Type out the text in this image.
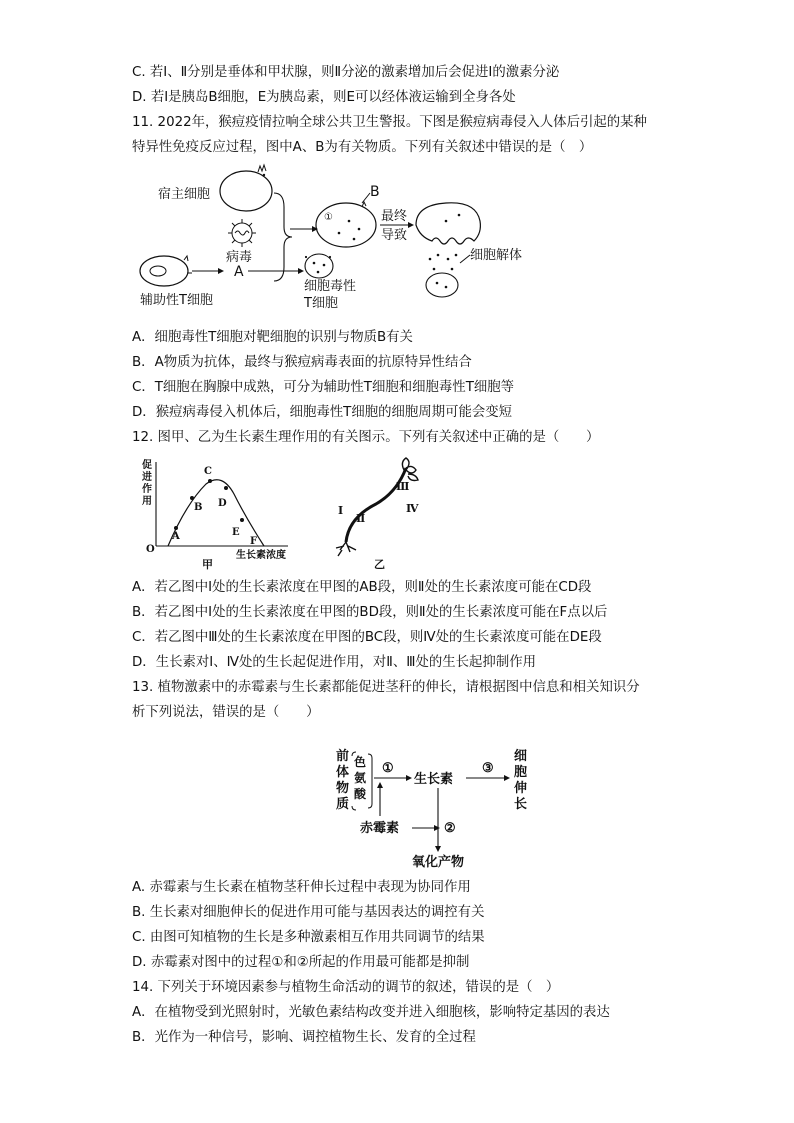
C. 若Ⅰ、Ⅱ分别是垂体和甲状腺，则Ⅱ分泌的激素增加后会促进Ⅰ的激素分泌
D. 若Ⅰ是胰岛B细胞，E为胰岛素，则E可以经体液运输到全身各处
11. 2022年，猴痘疫情拉响全球公共卫生警报。下图是猴痘病毒侵入人体后引起的某种
特异性免疫反应过程，图中A、B为有关物质。下列有关叙述中错误的是（　）
宿主细胞
病毒
辅助性T细胞
A
①
B
细胞毒性
T细胞
最终
导致
细胞解体
A．细胞毒性T细胞对靶细胞的识别与物质B有关
B．A物质为抗体，最终与猴痘病毒表面的抗原特异性结合
C．T细胞在胸腺中成熟，可分为辅助性T细胞和细胞毒性T细胞等
D．猴痘病毒侵入机体后，细胞毒性T细胞的细胞周期可能会变短
12. 图甲、乙为生长素生理作用的有关图示。下列有关叙述中正确的是（　　）
促
进
作
用
O
A
B
C
D
E
F
生长素浓度
甲
Ⅰ
Ⅱ
Ⅲ
Ⅳ
乙
A．若乙图中Ⅰ处的生长素浓度在甲图的AB段，则Ⅱ处的生长素浓度可能在CD段
B．若乙图中Ⅰ处的生长素浓度在甲图的BD段，则Ⅱ处的生长素浓度可能在F点以后
C．若乙图中Ⅲ处的生长素浓度在甲图的BC段，则Ⅳ处的生长素浓度可能在DE段
D．生长素对Ⅰ、Ⅳ处的生长起促进作用，对Ⅱ、Ⅲ处的生长起抑制作用
13. 植物激素中的赤霉素与生长素都能促进茎秆的伸长，请根据图中信息和相关知识分
析下列说法，错误的是（　　）
前
体
物
质
色
氨
酸
①
生长素
③
细
胞
伸
长
赤霉素	②
氧化产物
A. 赤霉素与生长素在植物茎秆伸长过程中表现为协同作用
B. 生长素对细胞伸长的促进作用可能与基因表达的调控有关
C. 由图可知植物的生长是多种激素相互作用共同调节的结果
D. 赤霉素对图中的过程①和②所起的作用最可能都是抑制
14. 下列关于环境因素参与植物生命活动的调节的叙述，错误的是（　）
A．在植物受到光照射时，光敏色素结构改变并进入细胞核，影响特定基因的表达
B．光作为一种信号，影响、调控植物生长、发育的全过程
